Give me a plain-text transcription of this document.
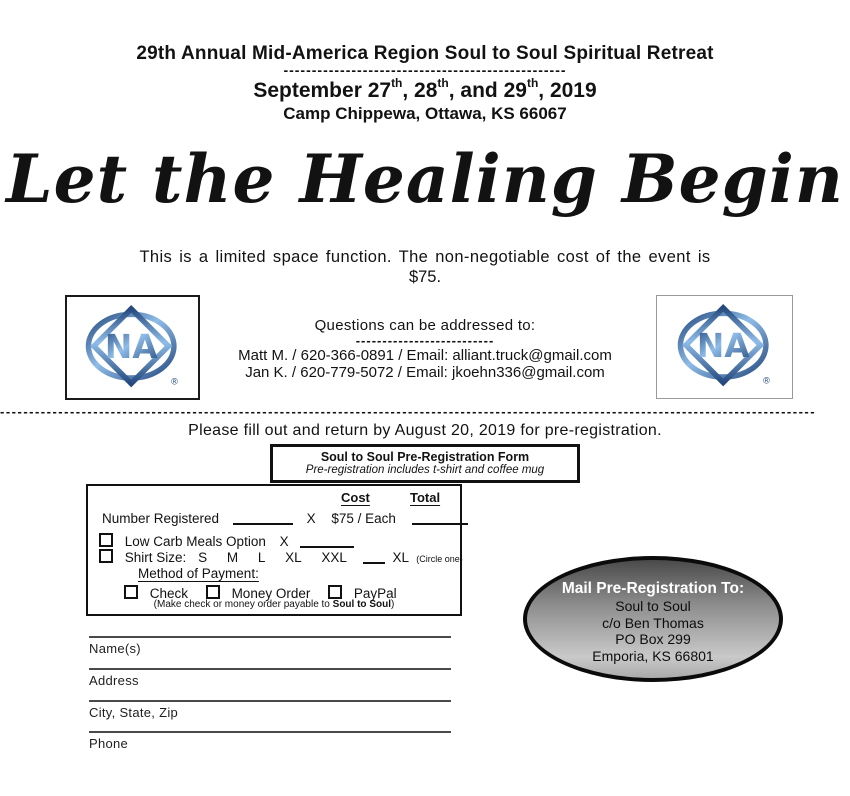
29th Annual Mid-America Region Soul to Soul Spiritual Retreat
--------------------------------------------------
September 27th, 28th, and 29th, 2019
Camp Chippewa, Ottawa, KS 66067
Let the Healing Begin
This is a limited space function. The non-negotiable cost of the event is
$75.
NA
®
NA
®
Questions can be addressed to:
--------------------------
Matt M. / 620-366-0891 / Email: alliant.truck@gmail.com
Jan K. / 620-779-5072 / Email: jkoehn336@gmail.com
--------------------------------------------------------------------------------------------------------------------------------------------
Please fill out and return by August 20, 2019 for pre-registration.
Soul to Soul Pre-Registration Form
Pre-registration includes t-shirt and coffee mug
Cost	Total
Number Registered	X $75 / Each
Low Carb Meals Option X
Shirt Size: S M L XL XXL	XL (Circle one)
Method of Payment:
Check	Money Order	PayPal
(Make check or money order payable to Soul to Soul)
Mail Pre-Registration To:
Soul to Soul
c/o Ben Thomas
PO Box 299
Emporia, KS 66801
Name(s)
Address
City, State, Zip
Phone
